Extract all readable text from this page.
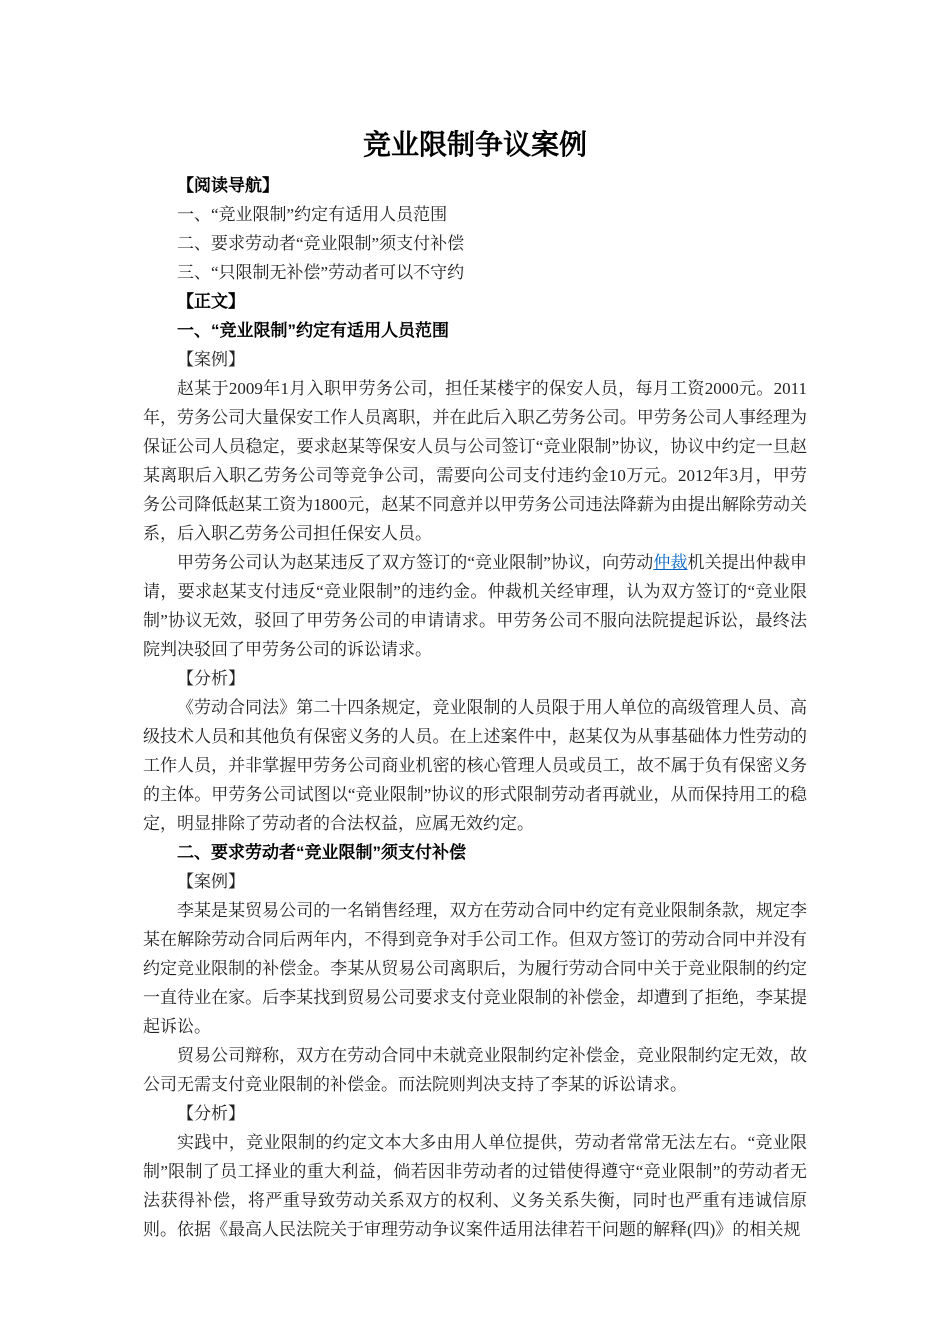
竞业限制争议案例

【阅读导航】

一、“竞业限制”约定有适用人员范围

二、要求劳动者“竞业限制”须支付补偿

三、“只限制无补偿”劳动者可以不守约

【正文】

一、“竞业限制”约定有适用人员范围

【案例】

赵某于2009年1月入职甲劳务公司，担任某楼宇的保安人员，每月工资2000元。2011年，劳务公司大量保安工作人员离职，并在此后入职乙劳务公司。甲劳务公司人事经理为保证公司人员稳定，要求赵某等保安人员与公司签订“竞业限制”协议，协议中约定一旦赵某离职后入职乙劳务公司等竞争公司，需要向公司支付违约金10万元。2012年3月，甲劳务公司降低赵某工资为1800元，赵某不同意并以甲劳务公司违法降薪为由提出解除劳动关系，后入职乙劳务公司担任保安人员。

甲劳务公司认为赵某违反了双方签订的“竞业限制”协议，向劳动仲裁机关提出仲裁申请，要求赵某支付违反“竞业限制”的违约金。仲裁机关经审理，认为双方签订的“竞业限制”协议无效，驳回了甲劳务公司的申请请求。甲劳务公司不服向法院提起诉讼，最终法院判决驳回了甲劳务公司的诉讼请求。

【分析】

《劳动合同法》第二十四条规定，竞业限制的人员限于用人单位的高级管理人员、高级技术人员和其他负有保密义务的人员。在上述案件中，赵某仅为从事基础体力性劳动的工作人员，并非掌握甲劳务公司商业机密的核心管理人员或员工，故不属于负有保密义务的主体。甲劳务公司试图以“竞业限制”协议的形式限制劳动者再就业，从而保持用工的稳定，明显排除了劳动者的合法权益，应属无效约定。

二、要求劳动者“竞业限制”须支付补偿

【案例】

李某是某贸易公司的一名销售经理，双方在劳动合同中约定有竞业限制条款，规定李某在解除劳动合同后两年内，不得到竞争对手公司工作。但双方签订的劳动合同中并没有约定竞业限制的补偿金。李某从贸易公司离职后，为履行劳动合同中关于竞业限制的约定一直待业在家。后李某找到贸易公司要求支付竞业限制的补偿金，却遭到了拒绝，李某提起诉讼。

贸易公司辩称，双方在劳动合同中未就竞业限制约定补偿金，竞业限制约定无效，故公司无需支付竞业限制的补偿金。而法院则判决支持了李某的诉讼请求。

【分析】

实践中，竞业限制的约定文本大多由用人单位提供，劳动者常常无法左右。“竞业限制”限制了员工择业的重大利益，倘若因非劳动者的过错使得遵守“竞业限制”的劳动者无法获得补偿，将严重导致劳动关系双方的权利、义务关系失衡，同时也严重有违诚信原则。依据《最高人民法院关于审理劳动争议案件适用法律若干问题的解释(四)》的相关规
